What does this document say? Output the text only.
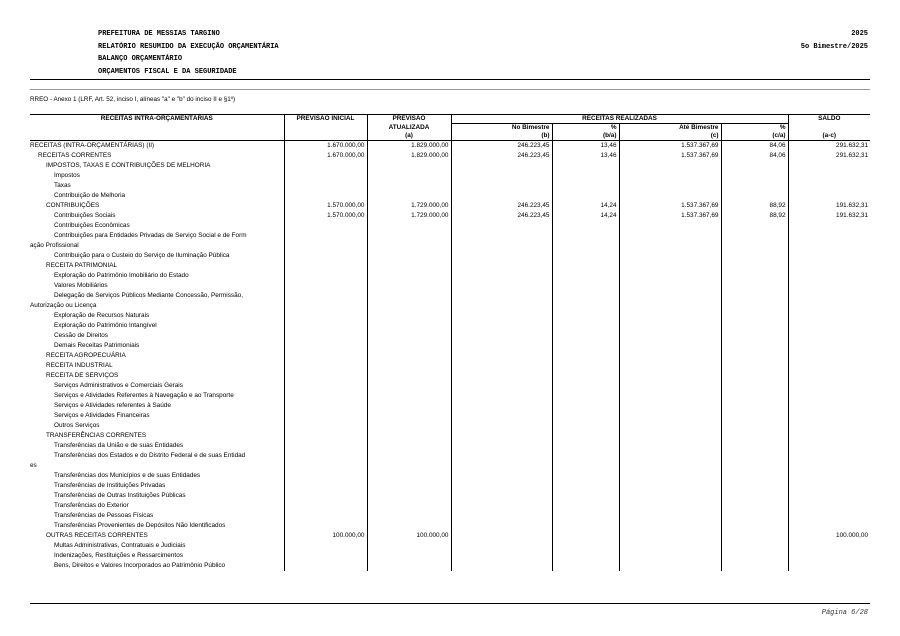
PREFEITURA DE MESSIAS TARGINO
RELATÓRIO RESUMIDO DA EXECUÇÃO ORÇAMENTÁRIA
BALANÇO ORÇAMENTÁRIO
ORÇAMENTOS FISCAL E DA SEGURIDADE
2025
5o Bimestre/2025
RREO - Anexo 1 (LRF, Art. 52, inciso I, alíneas "a" e "b" do inciso II e §1º)
RECEITAS INTRA-ORÇAMENTÁRIAS	PREVISÃO INICIAL	PREVISÃO	RECEITAS REALIZADAS				SALDO
		ATUALIZADA	No Bimestre	%	Até Bimestre	%	
		(a)	(b)	(b/a)	(c)	(c/a)	(a-c)
RECEITAS (INTRA-ORÇAMENTÁRIAS) (II)	1.670.000,00	1.829.000,00	246.223,45	13,46	1.537.367,69	84,06	291.632,31
RECEITAS CORRENTES	1.670.000,00	1.829.000,00	246.223,45	13,46	1.537.367,69	84,06	291.632,31
IMPOSTOS, TAXAS E CONTRIBUIÇÕES DE MELHORIA							
Impostos							
Taxas							
Contribuição de Melhoria							
CONTRIBUIÇÕES	1.570.000,00	1.729.000,00	246.223,45	14,24	1.537.367,69	88,92	191.632,31
Contribuições Sociais	1.570.000,00	1.729.000,00	246.223,45	14,24	1.537.367,69	88,92	191.632,31
Contribuições Econômicas							
Contribuições para Entidades Privadas de Serviço Social e de Form							
ação Profissional							
Contribuição para o Custeio do Serviço de Iluminação Pública							
RECEITA PATRIMONIAL							
Exploração do Patrimônio Imobiliário do Estado							
Valores Mobiliários							
Delegação de Serviços Públicos Mediante Concessão, Permissão,							
Autorização ou Licença							
Exploração de Recursos Naturais							
Exploração do Patrimônio Intangível							
Cessão de Direitos							
Demais Receitas Patrimoniais							
RECEITA AGROPECUÁRIA							
RECEITA INDUSTRIAL							
RECEITA DE SERVIÇOS							
Serviços Administrativos e Comerciais Gerais							
Serviços e Atividades Referentes à Navegação e ao Transporte							
Serviços e Atividades referentes à Saúde							
Serviços e Atividades Financeiras							
Outros Serviços							
TRANSFERÊNCIAS CORRENTES							
Transferências da União e de suas Entidades							
Transferências dos Estados e do Distrito Federal e de suas Entidad							
es							
Transferências dos Municípios e de suas Entidades							
Transferências de Instituições Privadas							
Transferências de Outras Instituições Públicas							
Transferências do Exterior							
Transferências de Pessoas Físicas							
Transferências Provenientes de Depósitos Não Identificados							
OUTRAS RECEITAS CORRENTES	100.000,00	100.000,00					100.000,00
Multas Administrativas, Contratuais e Judiciais							
Indenizações, Restituições e Ressarcimentos							
Bens, Direitos e Valores Incorporados ao Patrimônio Público							
Página 6/28
